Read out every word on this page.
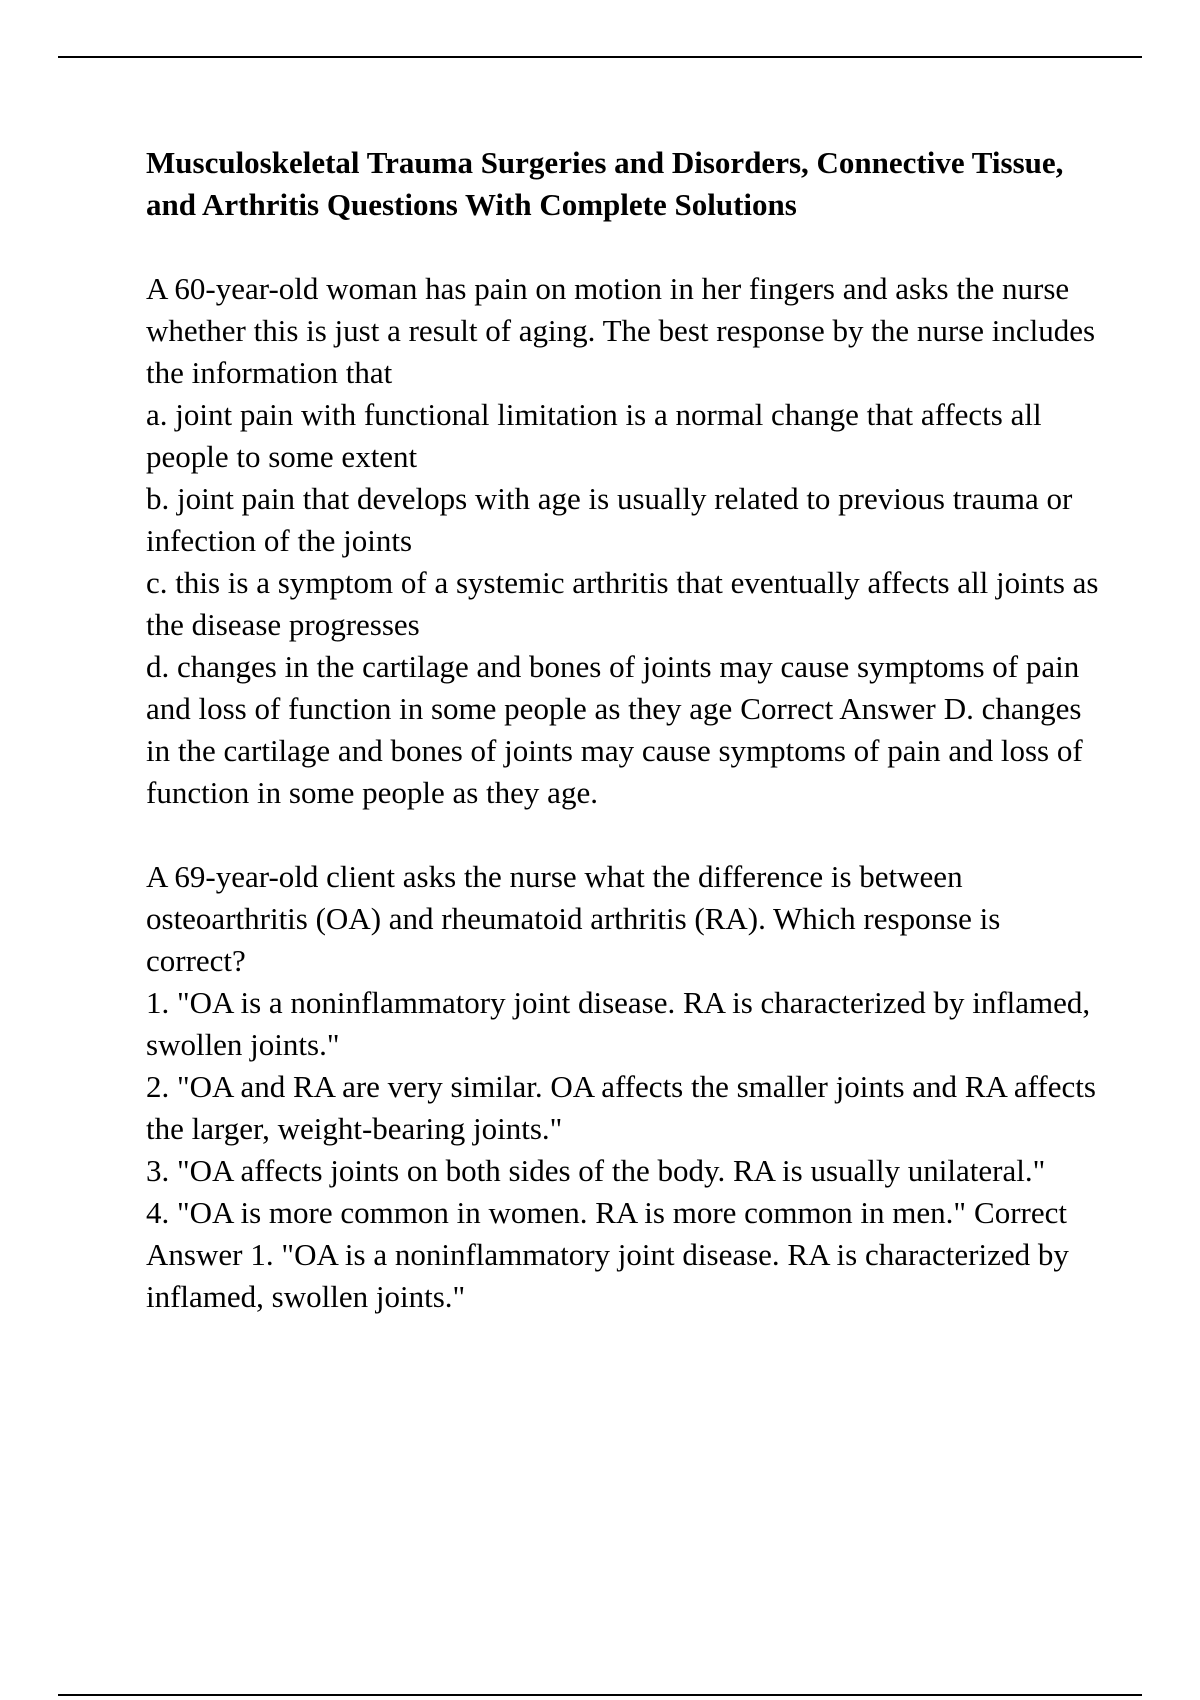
Musculoskeletal Trauma Surgeries and Disorders, Connective Tissue, and Arthritis Questions With Complete Solutions

A 60-year-old woman has pain on motion in her fingers and asks the nurse whether this is just a result of aging. The best response by the nurse includes the information that

a. joint pain with functional limitation is a normal change that affects all people to some extent

b. joint pain that develops with age is usually related to previous trauma or infection of the joints

c. this is a symptom of a systemic arthritis that eventually affects all joints as the disease progresses

d. changes in the cartilage and bones of joints may cause symptoms of pain and loss of function in some people as they age Correct Answer D. changes in the cartilage and bones of joints may cause symptoms of pain and loss of function in some people as they age.

A 69-year-old client asks the nurse what the difference is between osteoarthritis (OA) and rheumatoid arthritis (RA). Which response is correct?

1. "OA is a noninflammatory joint disease. RA is characterized by inflamed, swollen joints."

2. "OA and RA are very similar. OA affects the smaller joints and RA affects the larger, weight-bearing joints."

3. "OA affects joints on both sides of the body. RA is usually unilateral."

4. "OA is more common in women. RA is more common in men." Correct Answer 1. "OA is a noninflammatory joint disease. RA is characterized by inflamed, swollen joints."
